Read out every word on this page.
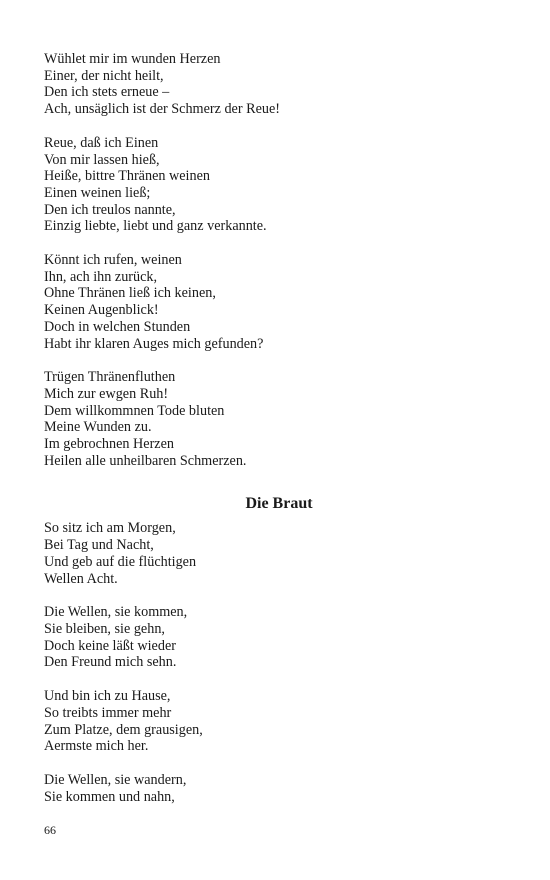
Wühlet mir im wunden Herzen
Einer, der nicht heilt,
Den ich stets erneue –
Ach, unsäglich ist der Schmerz der Reue!
Reue, daß ich Einen
Von mir lassen hieß,
Heiße, bittre Thränen weinen
Einen weinen ließ;
Den ich treulos nannte,
Einzig liebte, liebt und ganz verkannte.
Könnt ich rufen, weinen
Ihn, ach ihn zurück,
Ohne Thränen ließ ich keinen,
Keinen Augenblick!
Doch in welchen Stunden
Habt ihr klaren Auges mich gefunden?
Trügen Thränenfluthen
Mich zur ewgen Ruh!
Dem willkommnen Tode bluten
Meine Wunden zu.
Im gebrochnen Herzen
Heilen alle unheilbaren Schmerzen.
Die Braut
So sitz ich am Morgen,
Bei Tag und Nacht,
Und geb auf die flüchtigen
Wellen Acht.
Die Wellen, sie kommen,
Sie bleiben, sie gehn,
Doch keine läßt wieder
Den Freund mich sehn.
Und bin ich zu Hause,
So treibts immer mehr
Zum Platze, dem grausigen,
Aermste mich her.
Die Wellen, sie wandern,
Sie kommen und nahn,
66
